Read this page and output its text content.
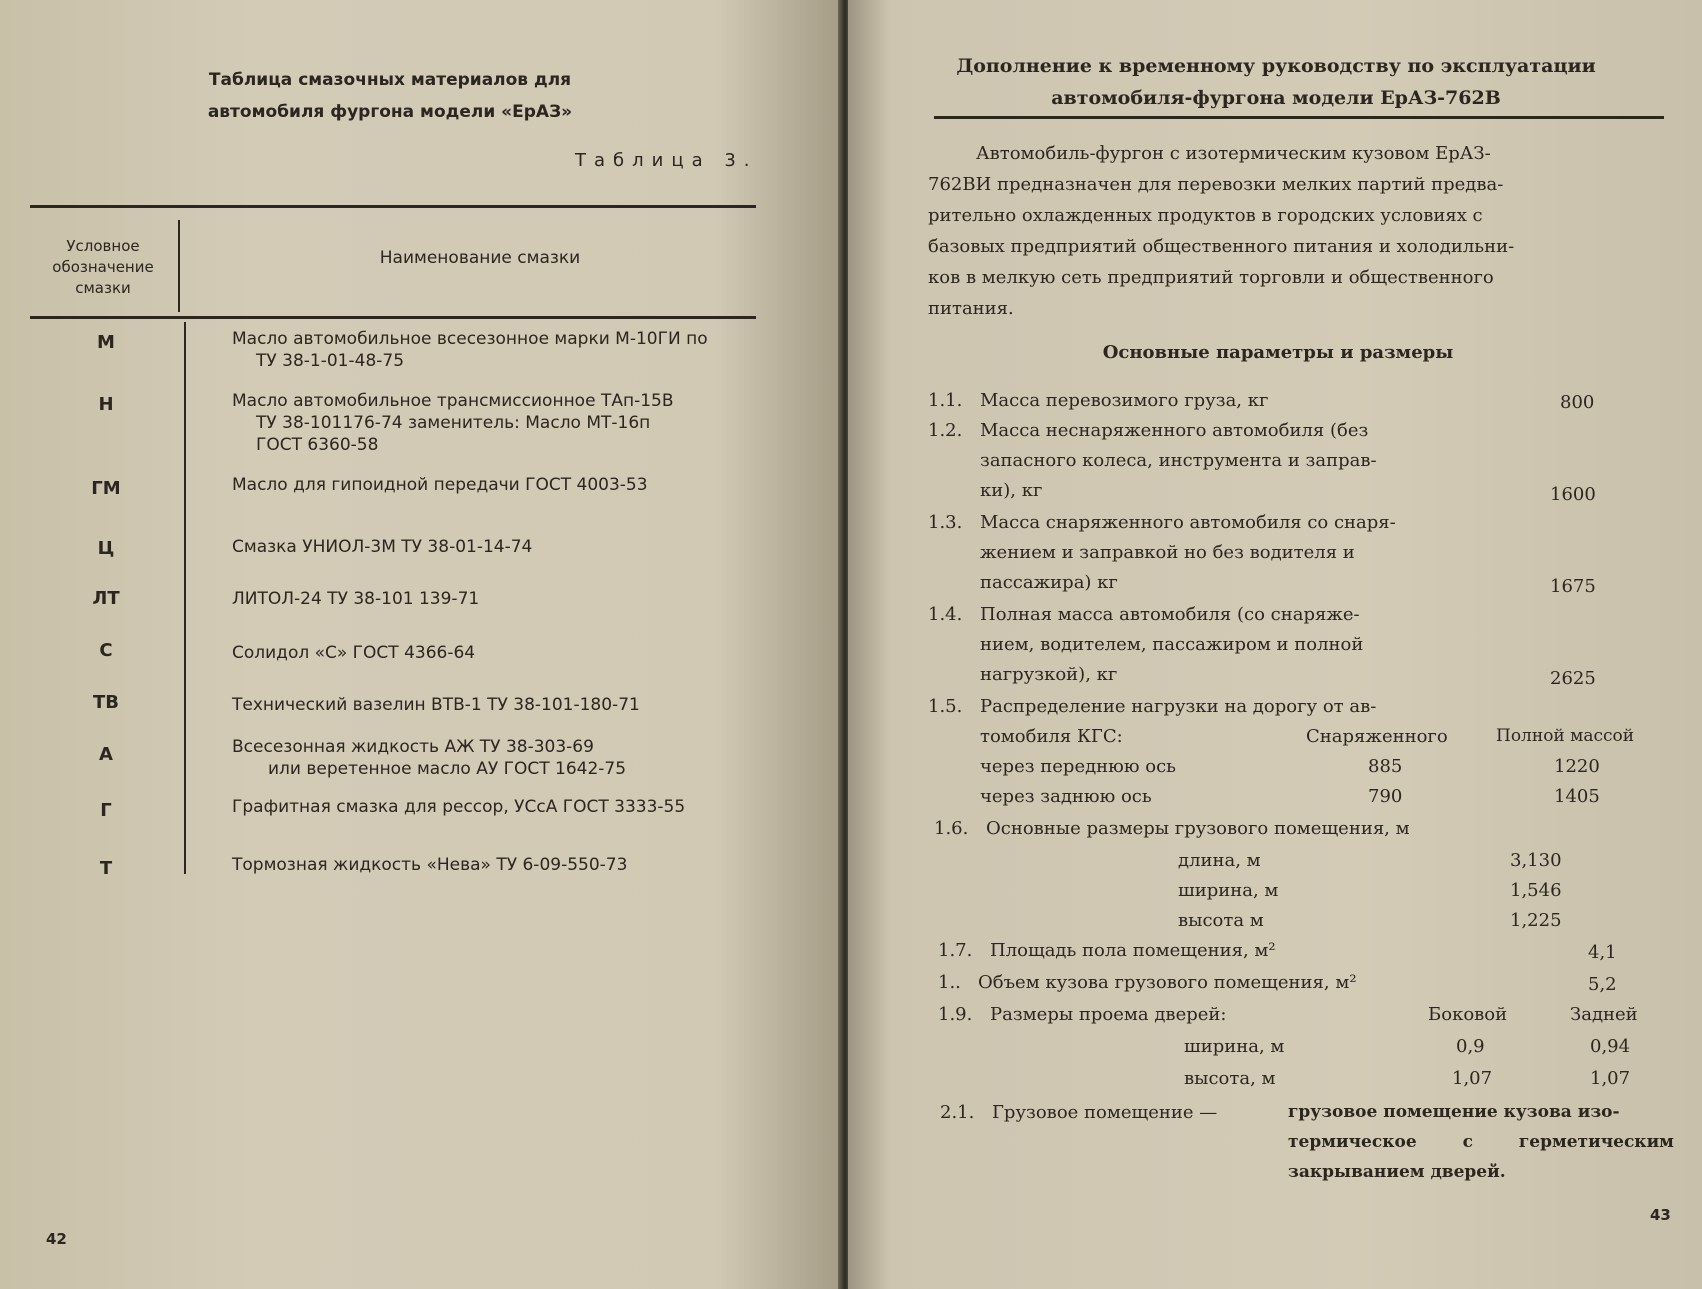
Таблица смазочных материалов для
автомобиля фургона модели «ЕрАЗ»
Таблица 3.
Условное
обозначение
смазки
Наименование смазки
М	Масло автомобильное всесезонное марки М-10ГИ по
ТУ 38-1-01-48-75
Н	Масло автомобильное трансмиссионное ТАп-15В
ТУ 38-101176-74 заменитель: Масло МТ-16п
ГОСТ 6360-58
ГМ	Масло для гипоидной передачи ГОСТ 4003-53
Ц	Смазка УНИОЛ-3М ТУ 38-01-14-74
ЛТ	ЛИТОЛ-24 ТУ 38-101 139-71
С	Солидол «С» ГОСТ 4366-64
ТВ	Технический вазелин ВТВ-1 ТУ 38-101-180-71
А	Всесезонная жидкость АЖ ТУ 38-303-69
или веретенное масло АУ ГОСТ 1642-75
Г	Графитная смазка для рессор, УСсА ГОСТ 3333-55
Т	Тормозная жидкость «Нева» ТУ 6-09-550-73
42
Дополнение к временному руководству по эксплуатации
автомобиля-фургона модели ЕрАЗ-762В
Автомобиль-фургон с изотермическим кузовом ЕрАЗ-
762ВИ предназначен для перевозки мелких партий предва-
рительно охлажденных продуктов в городских условиях с
базовых предприятий общественного питания и холодильни-
ков в мелкую сеть предприятий торговли и общественного
питания.
Основные параметры и размеры
1.1. Масса перевозимого груза, кг	800
1.2. Масса неснаряженного автомобиля (без
запасного колеса, инструмента и заправ-
ки), кг	1600
1.3. Масса снаряженного автомобиля со снаря-
жением и заправкой но без водителя и
пассажира) кг	1675
1.4. Полная масса автомобиля (со снаряже-
нием, водителем, пассажиром и полной
нагрузкой), кг	2625
1.5. Распределение нагрузки на дорогу от ав-
томобиля КГС:	Снаряженного	Полной массой
через переднюю ось	885	1220
через заднюю ось	790	1405
1.6. Основные размеры грузового помещения, м
длина, м	3,130
ширина, м	1,546
высота м	1,225
1.7. Площадь пола помещения, м²	4,1
1.. Объем кузова грузового помещения, м²	5,2
1.9. Размеры проема дверей:	Боковой	Задней
ширина, м	0,9	0,94
высота, м	1,07	1,07
2.1. Грузовое помещение —	грузовое помещение кузова изо-
термическое с герметическим
закрыванием дверей.
43
